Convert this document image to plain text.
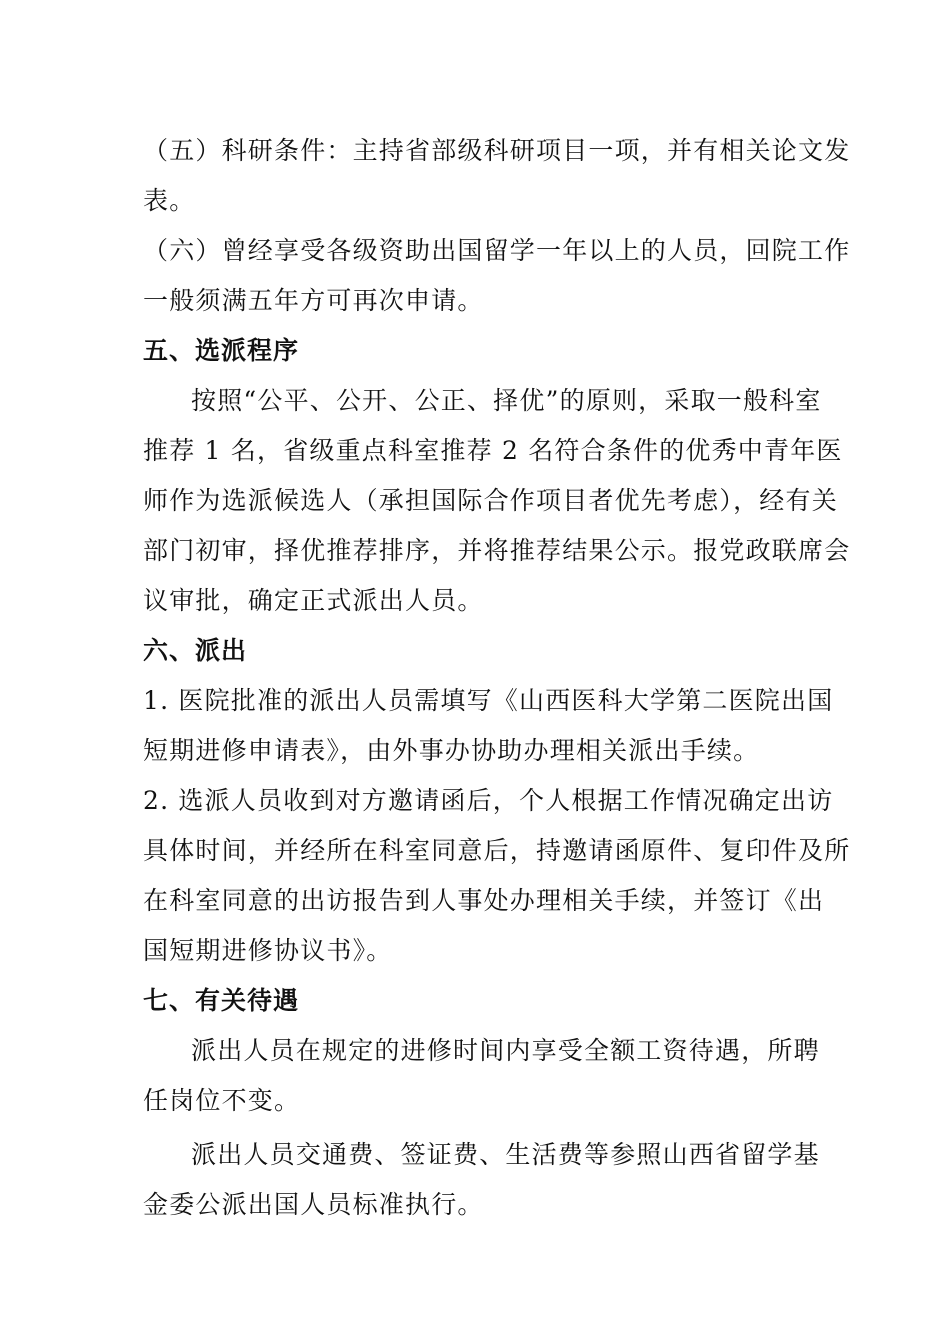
（五）科研条件：主持省部级科研项目一项，并有相关论文发
表。
（六）曾经享受各级资助出国留学一年以上的人员，回院工作
一般须满五年方可再次申请。
五、选派程序
按照“公平、公开、公正、择优”的原则，采取一般科室
推荐 1 名，省级重点科室推荐 2 名符合条件的优秀中青年医
师作为选派候选人（承担国际合作项目者优先考虑），经有关
部门初审，择优推荐排序，并将推荐结果公示。报党政联席会
议审批，确定正式派出人员。
六、派出
1. 医院批准的派出人员需填写《山西医科大学第二医院出国
短期进修申请表》，由外事办协助办理相关派出手续。
2. 选派人员收到对方邀请函后，个人根据工作情况确定出访
具体时间，并经所在科室同意后，持邀请函原件、复印件及所
在科室同意的出访报告到人事处办理相关手续，并签订《出
国短期进修协议书》。
七、有关待遇
派出人员在规定的进修时间内享受全额工资待遇，所聘
任岗位不变。
派出人员交通费、签证费、生活费等参照山西省留学基
金委公派出国人员标准执行。
